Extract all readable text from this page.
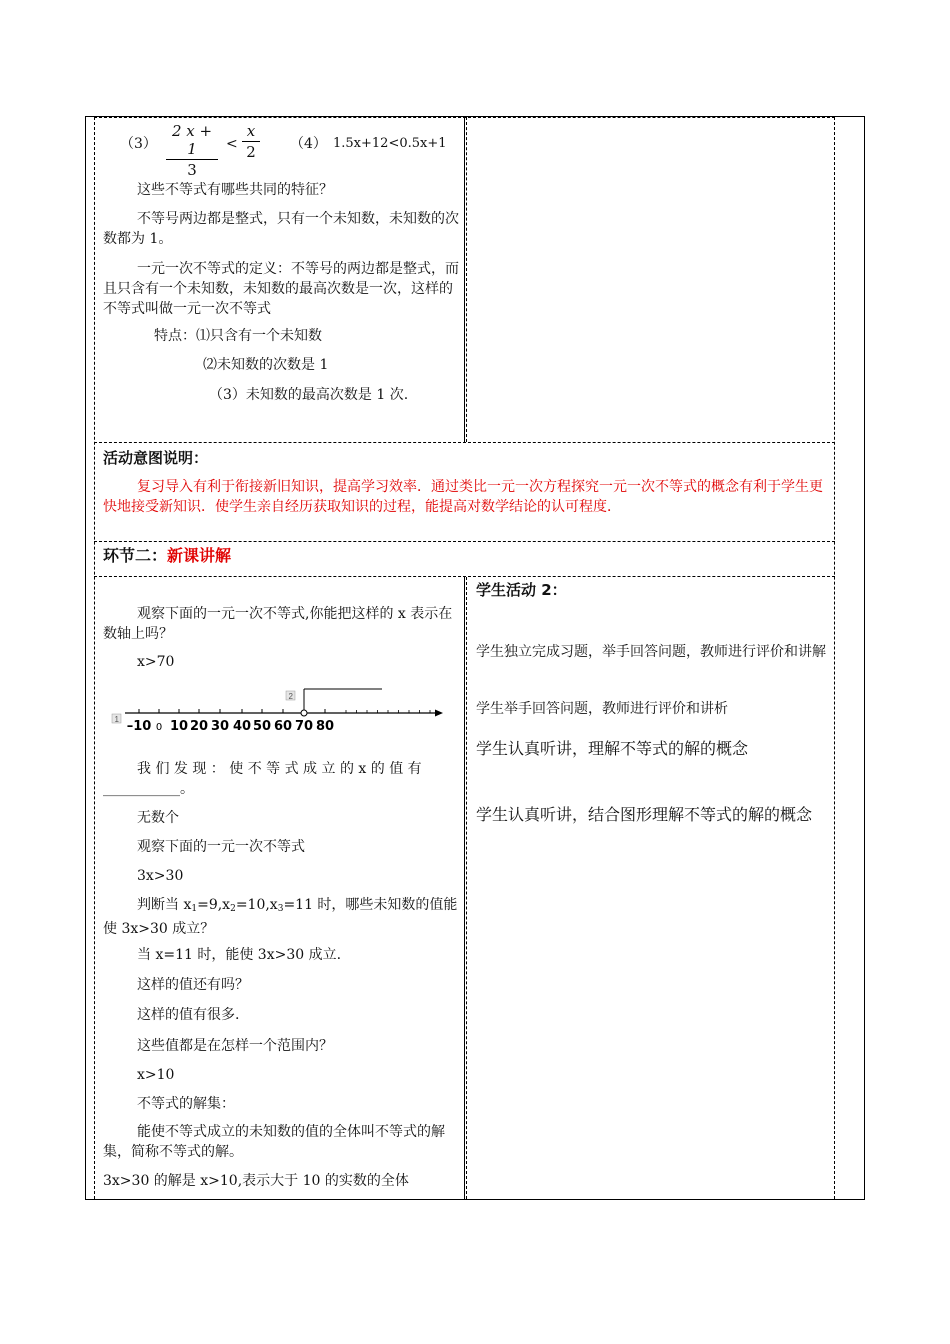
（3）
2 x + 1
3
<
x
2	（4） 1.5x+12<0.5x+1
这些不等式有哪些共同的特征？
不等号两边都是整式，只有一个未知数，未知数的次数都为 1。
一元一次不等式的定义：不等号的两边都是整式，而且只含有一个未知数，未知数的最高次数是一次，这样的不等式叫做一元一次不等式
特点：⑴只含有一个未知数
⑵未知数的次数是 1
（3）未知数的最高次数是 1 次.
活动意图说明：
复习导入有利于衔接新旧知识，提高学习效率．通过类比一元一次方程探究一元一次不等式的概念有利于学生更快地接受新知识．使学生亲自经历获取知识的过程，能提高对数学结论的认可程度．
环节二：新课讲解
观察下面的一元一次不等式,你能把这样的 x 表示在数轴上吗？
x>70
1
2
–10 0 10 20 30 40 50 60 70 80
我 们 发 现 ： 使 不 等 式 成 立 的 x 的 值 有 ___________。
无数个
观察下面的一元一次不等式
3x>30
判断当 $x_1=9,x_2=10,x_3=11$ 时，哪些未知数的值能使 3x>30 成立？
当 x=11 时，能使 3x>30 成立.
这样的值还有吗？
这样的值有很多.
这些值都是在怎样一个范围内？
x>10
不等式的解集：
能使不等式成立的未知数的值的全体叫不等式的解集，简称不等式的解。
3x>30 的解是 x>10,表示大于 10 的实数的全体
学生活动 2：
学生独立完成习题，举手回答问题，教师进行评价和讲解
学生举手回答问题，教师进行评价和讲析
学生认真听讲，理解不等式的解的概念
学生认真听讲，结合图形理解不等式的解的概念
